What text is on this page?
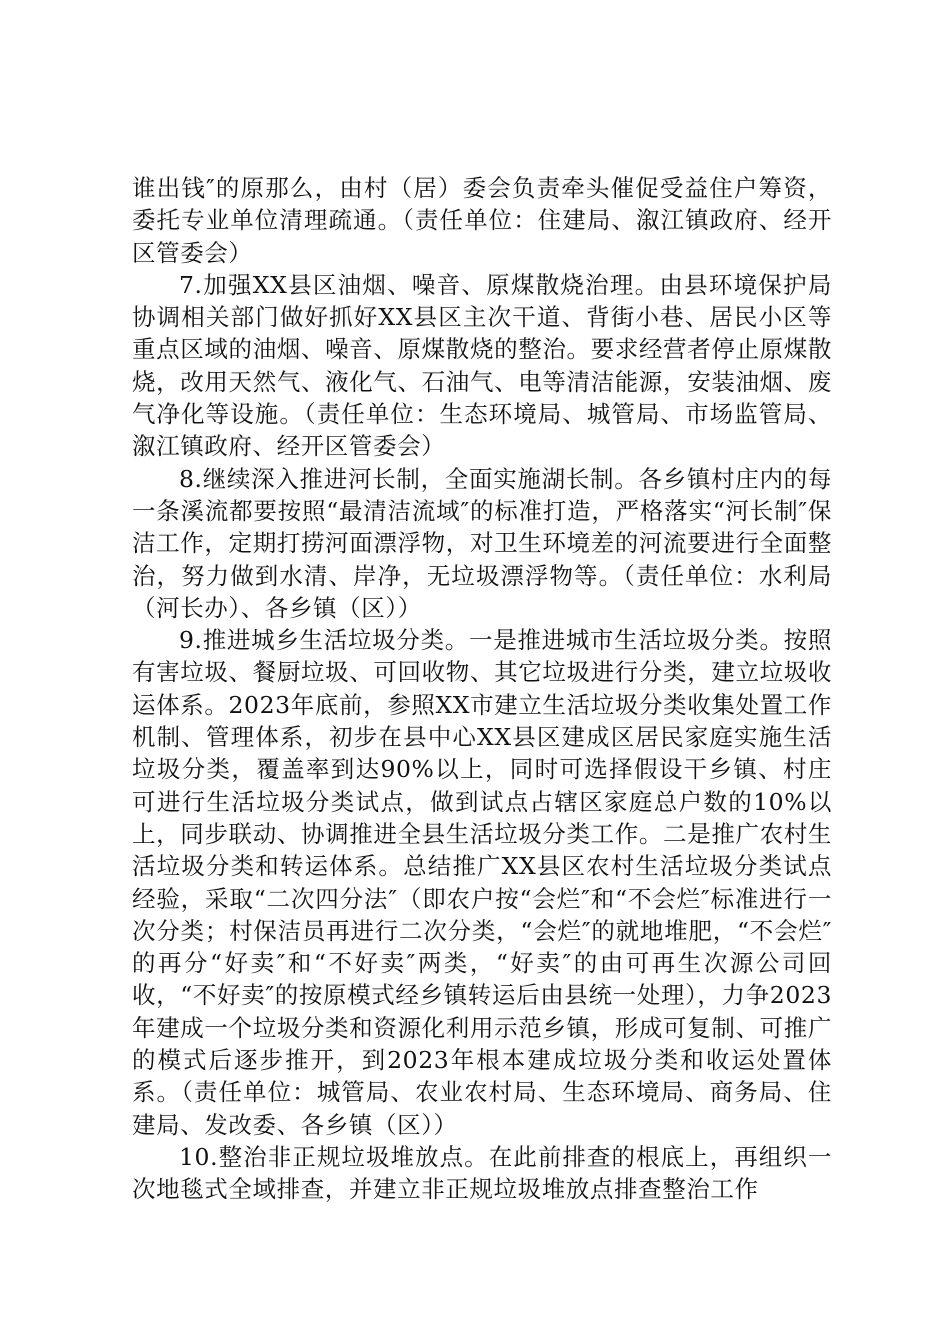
谁出钱″的原那么，由村（居）委会负责牵头催促受益住户筹资，委托专业单位清理疏通。（责任单位：住建局、溆江镇政府、经开区管委会）

7.加强XX县区油烟、噪音、原煤散烧治理。由县环境保护局协调相关部门做好抓好XX县区主次干道、背街小巷、居民小区等重点区域的油烟、噪音、原煤散烧的整治。要求经营者停止原煤散烧，改用天然气、液化气、石油气、电等清洁能源，安装油烟、废气净化等设施。（责任单位：生态环境局、城管局、市场监管局、溆江镇政府、经开区管委会）

8.继续深入推进河长制，全面实施湖长制。各乡镇村庄内的每一条溪流都要按照“最清洁流域″的标准打造，严格落实“河长制″保洁工作，定期打捞河面漂浮物，对卫生环境差的河流要进行全面整治，努力做到水清、岸净，无垃圾漂浮物等。（责任单位：水利局（河长办）、各乡镇（区））

9.推进城乡生活垃圾分类。一是推进城市生活垃圾分类。按照有害垃圾、餐厨垃圾、可回收物、其它垃圾进行分类，建立垃圾收运体系。2023年底前，参照XX市建立生活垃圾分类收集处置工作机制、管理体系，初步在县中心XX县区建成区居民家庭实施生活垃圾分类，覆盖率到达90%以上，同时可选择假设干乡镇、村庄可进行生活垃圾分类试点，做到试点占辖区家庭总户数的10%以上，同步联动、协调推进全县生活垃圾分类工作。二是推广农村生活垃圾分类和转运体系。总结推广XX县区农村生活垃圾分类试点经验，采取“二次四分法″（即农户按“会烂″和“不会烂″标准进行一次分类；村保洁员再进行二次分类，“会烂″的就地堆肥，“不会烂″的再分“好卖″和“不好卖″两类，“好卖″的由可再生次源公司回收，“不好卖″的按原模式经乡镇转运后由县统一处理），力争2023年建成一个垃圾分类和资源化利用示范乡镇，形成可复制、可推广的模式后逐步推开，到2023年根本建成垃圾分类和收运处置体系。（责任单位：城管局、农业农村局、生态环境局、商务局、住建局、发改委、各乡镇（区））

10.整治非正规垃圾堆放点。在此前排查的根底上，再组织一次地毯式全域排查，并建立非正规垃圾堆放点排查整治工作
